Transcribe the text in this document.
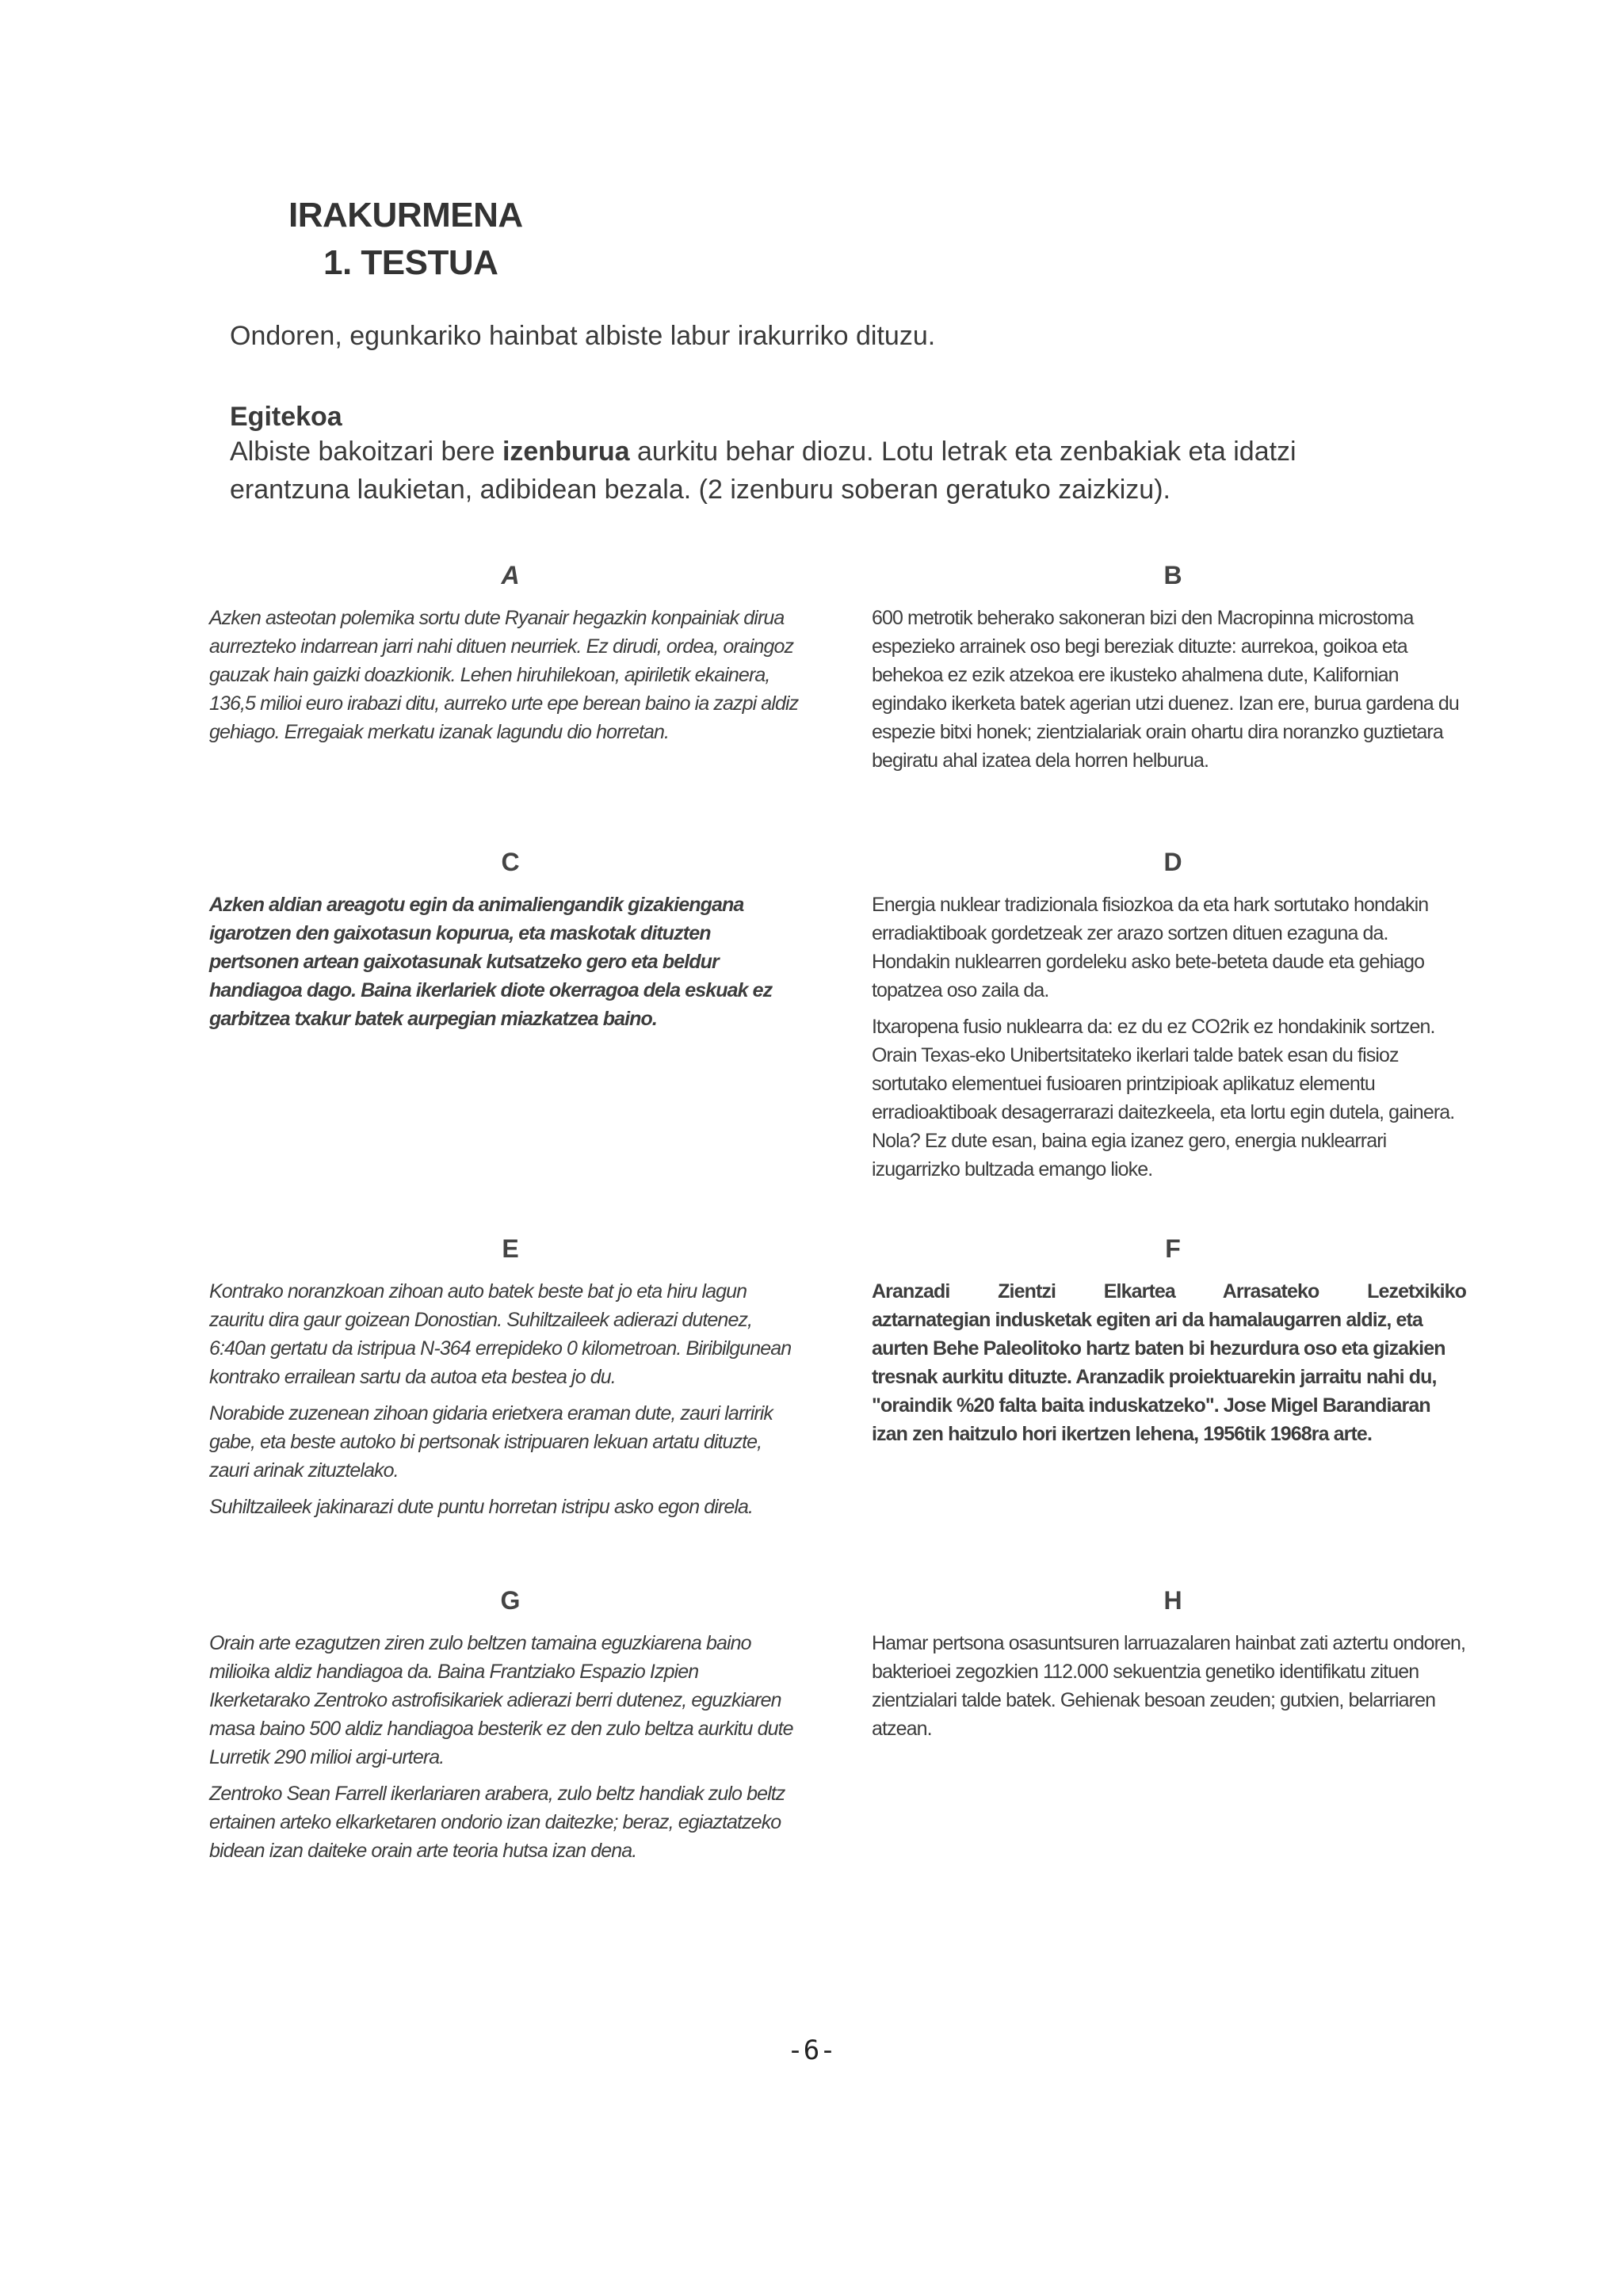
IRAKURMENA
1. TESTUA
Ondoren, egunkariko hainbat albiste labur irakurriko dituzu.
Egitekoa
Albiste bakoitzari bere izenburua aurkitu behar diozu. Lotu letrak eta zenbakiak eta idatzi erantzuna laukietan, adibidean bezala. (2 izenburu soberan geratuko zaizkizu).
A

Azken asteotan polemika sortu dute Ryanair hegazkin konpainiak dirua aurrezteko indarrean jarri nahi dituen neurriek. Ez dirudi, ordea, oraingoz gauzak hain gaizki doazkionik. Lehen hiruhilekoan, apiriletik ekainera, 136,5 milioi euro irabazi ditu, aurreko urte epe berean baino ia zazpi aldiz gehiago. Erregaiak merkatu izanak lagundu dio horretan.

B

600 metrotik beherako sakoneran bizi den Macropinna microstoma espezieko arrainek oso begi bereziak dituzte: aurrekoa, goikoa eta behekoa ez ezik atzekoa ere ikusteko ahalmena dute, Kalifornian egindako ikerketa batek agerian utzi duenez. Izan ere, burua gardena du espezie bitxi honek; zientzialariak orain ohartu dira noranzko guztietara begiratu ahal izatea dela horren helburua.

C

Azken aldian areagotu egin da animaliengandik gizakiengana igarotzen den gaixotasun kopurua, eta maskotak dituzten pertsonen artean gaixotasunak kutsatzeko gero eta beldur handiagoa dago. Baina ikerlariek diote okerragoa dela eskuak ez garbitzea txakur batek aurpegian miazkatzea baino.

D

Energia nuklear tradizionala fisiozkoa da eta hark sortutako hondakin erradiaktiboak gordetzeak zer arazo sortzen dituen ezaguna da. Hondakin nuklearren gordeleku asko bete-beteta daude eta gehiago topatzea oso zaila da.

Itxaropena fusio nuklearra da: ez du ez CO2rik ez hondakinik sortzen. Orain Texas-eko Unibertsitateko ikerlari talde batek esan du fisioz sortutako elementuei fusioaren printzipioak aplikatuz elementu erradioaktiboak desagerrarazi daitezkeela, eta lortu egin dutela, gainera. Nola? Ez dute esan, baina egia izanez gero, energia nuklearrari izugarrizko bultzada emango lioke.

E

Kontrako noranzkoan zihoan auto batek beste bat jo eta hiru lagun zauritu dira gaur goizean Donostian. Suhiltzaileek adierazi dutenez, 6:40an gertatu da istripua N-364 errepideko 0 kilometroan. Biribilgunean kontrako errailean sartu da autoa eta bestea jo du.

Norabide zuzenean zihoan gidaria erietxera eraman dute, zauri larririk gabe, eta beste autoko bi pertsonak istripuaren lekuan artatu dituzte, zauri arinak zituztelako.

Suhiltzaileek jakinarazi dute puntu horretan istripu asko egon direla.

F
Aranzadi Zientzi Elkartea Arrasateko Lezetxikiko
aztarnategian indusketak egiten ari da hamalaugarren aldiz, eta aurten Behe Paleolitoko hartz baten bi hezurdura oso eta gizakien tresnak aurkitu dituzte. Aranzadik proiektuarekin jarraitu nahi du, "oraindik %20 falta baita induskatzeko". Jose Migel Barandiaran izan zen haitzulo hori ikertzen lehena, 1956tik 1968ra arte.
G

Orain arte ezagutzen ziren zulo beltzen tamaina eguzkiarena baino milioika aldiz handiagoa da. Baina Frantziako Espazio Izpien Ikerketarako Zentroko astrofisikariek adierazi berri dutenez, eguzkiaren masa baino 500 aldiz handiagoa besterik ez den zulo beltza aurkitu dute Lurretik 290 milioi argi-urtera.

Zentroko Sean Farrell ikerlariaren arabera, zulo beltz handiak zulo beltz ertainen arteko elkarketaren ondorio izan daitezke; beraz, egiaztatzeko bidean izan daiteke orain arte teoria hutsa izan dena.

H

Hamar pertsona osasuntsuren larruazalaren hainbat zati aztertu ondoren, bakterioei zegozkien 112.000 sekuentzia genetiko identifikatu zituen zientzialari talde batek. Gehienak besoan zeuden; gutxien, belarriaren atzean.

-6-
